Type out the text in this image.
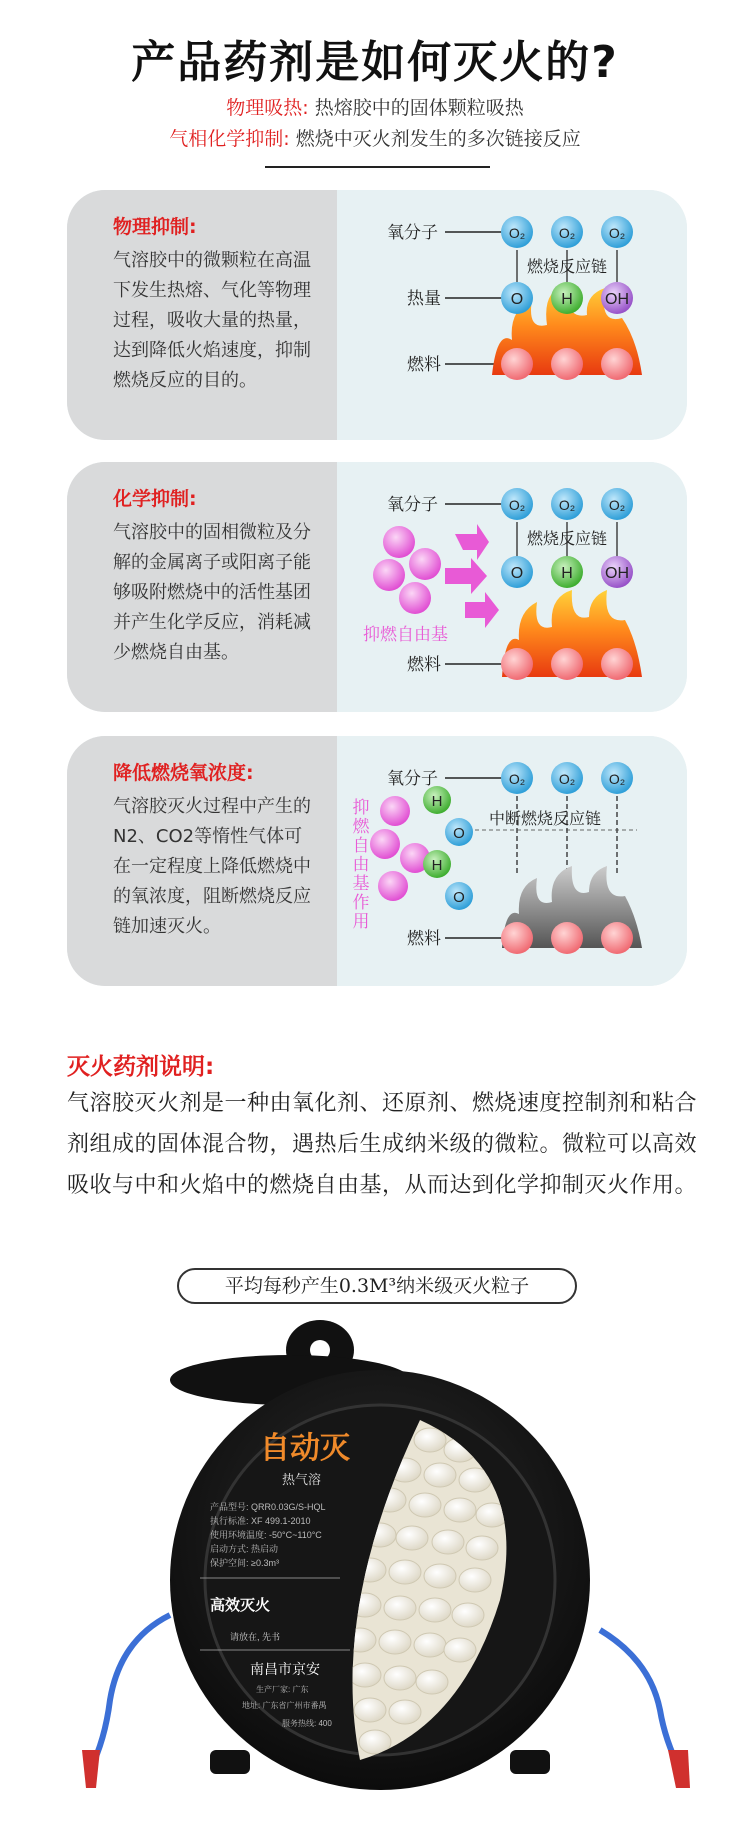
产品药剂是如何灭火的?
物理吸热: 热熔胶中的固体颗粒吸热
气相化学抑制: 燃烧中灭火剂发生的多次链接反应
物理抑制:
气溶胶中的微颗粒在高温下发生热熔、气化等物理过程，吸收大量的热量，达到降低火焰速度，抑制燃烧反应的目的。
氧分子
热量
燃料
O₂ O₂ O₂
燃烧反应链
O H OH
化学抑制:
气溶胶中的固相微粒及分解的金属离子或阳离子能够吸附燃烧中的活性基团并产生化学反应，消耗减少燃烧自由基。
氧分子
燃料
O₂ O₂ O₂
燃烧反应链
O H OH
抑燃自由基
降低燃烧氧浓度:
气溶胶灭火过程中产生的N2、CO2等惰性气体可在一定程度上降低燃烧中的氧浓度，阻断燃烧反应链加速灭火。
氧分子
燃料
O₂ O₂ O₂
中断燃烧反应链
H
O
H
O
抑燃自由基作用
灭火药剂说明:
气溶胶灭火剂是一种由氧化剂、还原剂、燃烧速度控制剂和粘合剂组成的固体混合物，遇热后生成纳米级的微粒。微粒可以高效吸收与中和火焰中的燃烧自由基，从而达到化学抑制灭火作用。
平均每秒产生0.3M³纳米级灭火粒子
自动灭
热气溶
产品型号: QRR0.03G/S-HQL
执行标准: XF 499.1-2010
使用环境温度: -50°C~110°C
启动方式: 热启动
保护空间: ≥0.3m³
高效灭火
请放在, 先书
南昌市京安
生产厂家: 广东
地址: 广东省广州市番禺
服务热线: 400
